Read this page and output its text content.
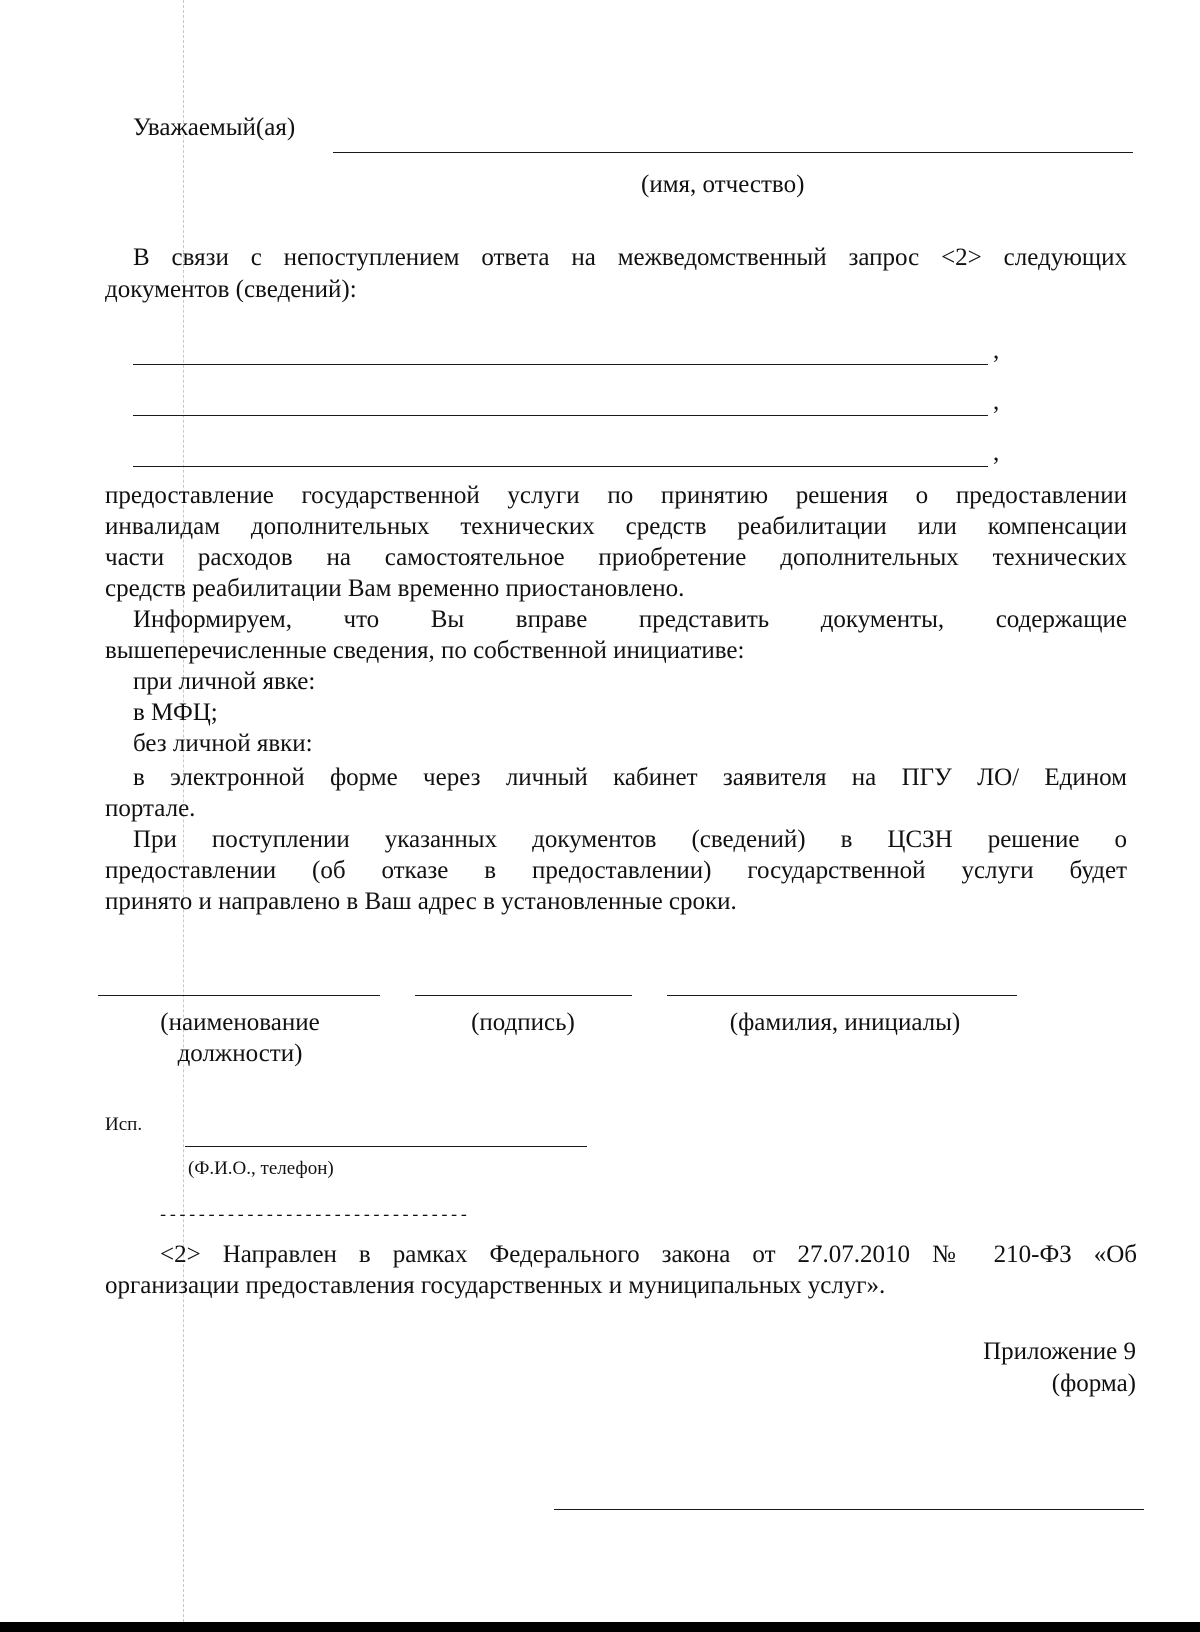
Уважаемый(ая)
(имя, отчество)
В связи с непоступлением ответа на межведомственный запрос <2> следующих
документов (сведений):
,
,
,
предоставление государственной услуги по принятию решения о предоставлении
инвалидам дополнительных технических средств реабилитации или компенсации
части расходов на самостоятельное приобретение дополнительных технических
средств реабилитации Вам временно приостановлено.
Информируем, что Вы вправе представить документы, содержащие
вышеперечисленные сведения, по собственной инициативе:
при личной явке:
в МФЦ;
без личной явки:
в электронной форме через личный кабинет заявителя на ПГУ ЛО/ Едином
портале.
При поступлении указанных документов (сведений) в ЦСЗН решение о
предоставлении (об отказе в предоставлении) государственной услуги будет
принято и направлено в Ваш адрес в установленные сроки.
(наименование
должности)
(подпись)	(фамилия, инициалы)
Исп.
(Ф.И.О., телефон)
--------------------------------
<2> Направлен в рамках Федерального закона от 27.07.2010 № 210-ФЗ «Об
организации предоставления государственных и муниципальных услуг».
Приложение 9
(форма)
